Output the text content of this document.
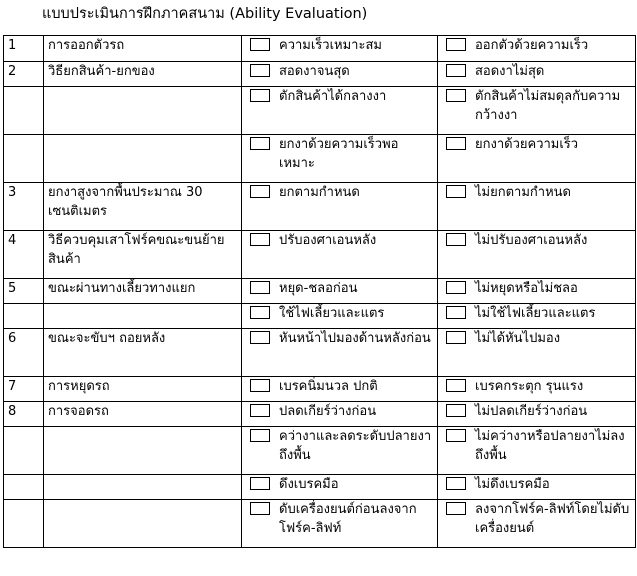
แบบประเมินการฝึกภาคสนาม (Ability Evaluation)
1	การออกตัวรถ	ความเร็วเหมาะสม	ออกตัวด้วยความเร็ว

2	วิธียกสินค้า-ยกของ	สอดงาจนสุด	สอดงาไม่สุด

		ตักสินค้าได้กลางงา	ตักสินค้าไม่สมดุลกับความกว้างงา

		ยกงาด้วยความเร็วพอเหมาะ	ยกงาด้วยความเร็ว

3	ยกงาสูงจากพื้นประมาณ 30 เซนติเมตร	ยกตามกำหนด	ไม่ยกตามกำหนด

4	วิธีควบคุมเสาโฟร์คขณะขนย้ายสินค้า	ปรับองศาเอนหลัง	ไม่ปรับองศาเอนหลัง

5	ขณะผ่านทางเลี้ยวทางแยก	หยุด-ชลอก่อน	ไม่หยุดหรือไม่ชลอ

		ใช้ไฟเลี้ยวและแตร	ไม่ใช้ไฟเลี้ยวและแตร

6	ขณะจะขับฯ ถอยหลัง	หันหน้าไปมองด้านหลังก่อน	ไม่ได้หันไปมอง

7	การหยุดรถ	เบรคนิ่มนวล ปกติ	เบรคกระตุก รุนแรง

8	การจอดรถ	ปลดเกียร์ว่างก่อน	ไม่ปลดเกียร์ว่างก่อน

		คว่างาและลดระดับปลายงาถึงพื้น	ไม่คว่างาหรือปลายงาไม่ลงถึงพื้น

		ดึงเบรคมือ	ไม่ดึงเบรคมือ

		ดับเครื่องยนต์ก่อนลงจากโฟร์ค-ลิฟท์	ลงจากโฟร์ค-ลิฟท์โดยไม่ดับเครื่องยนต์
